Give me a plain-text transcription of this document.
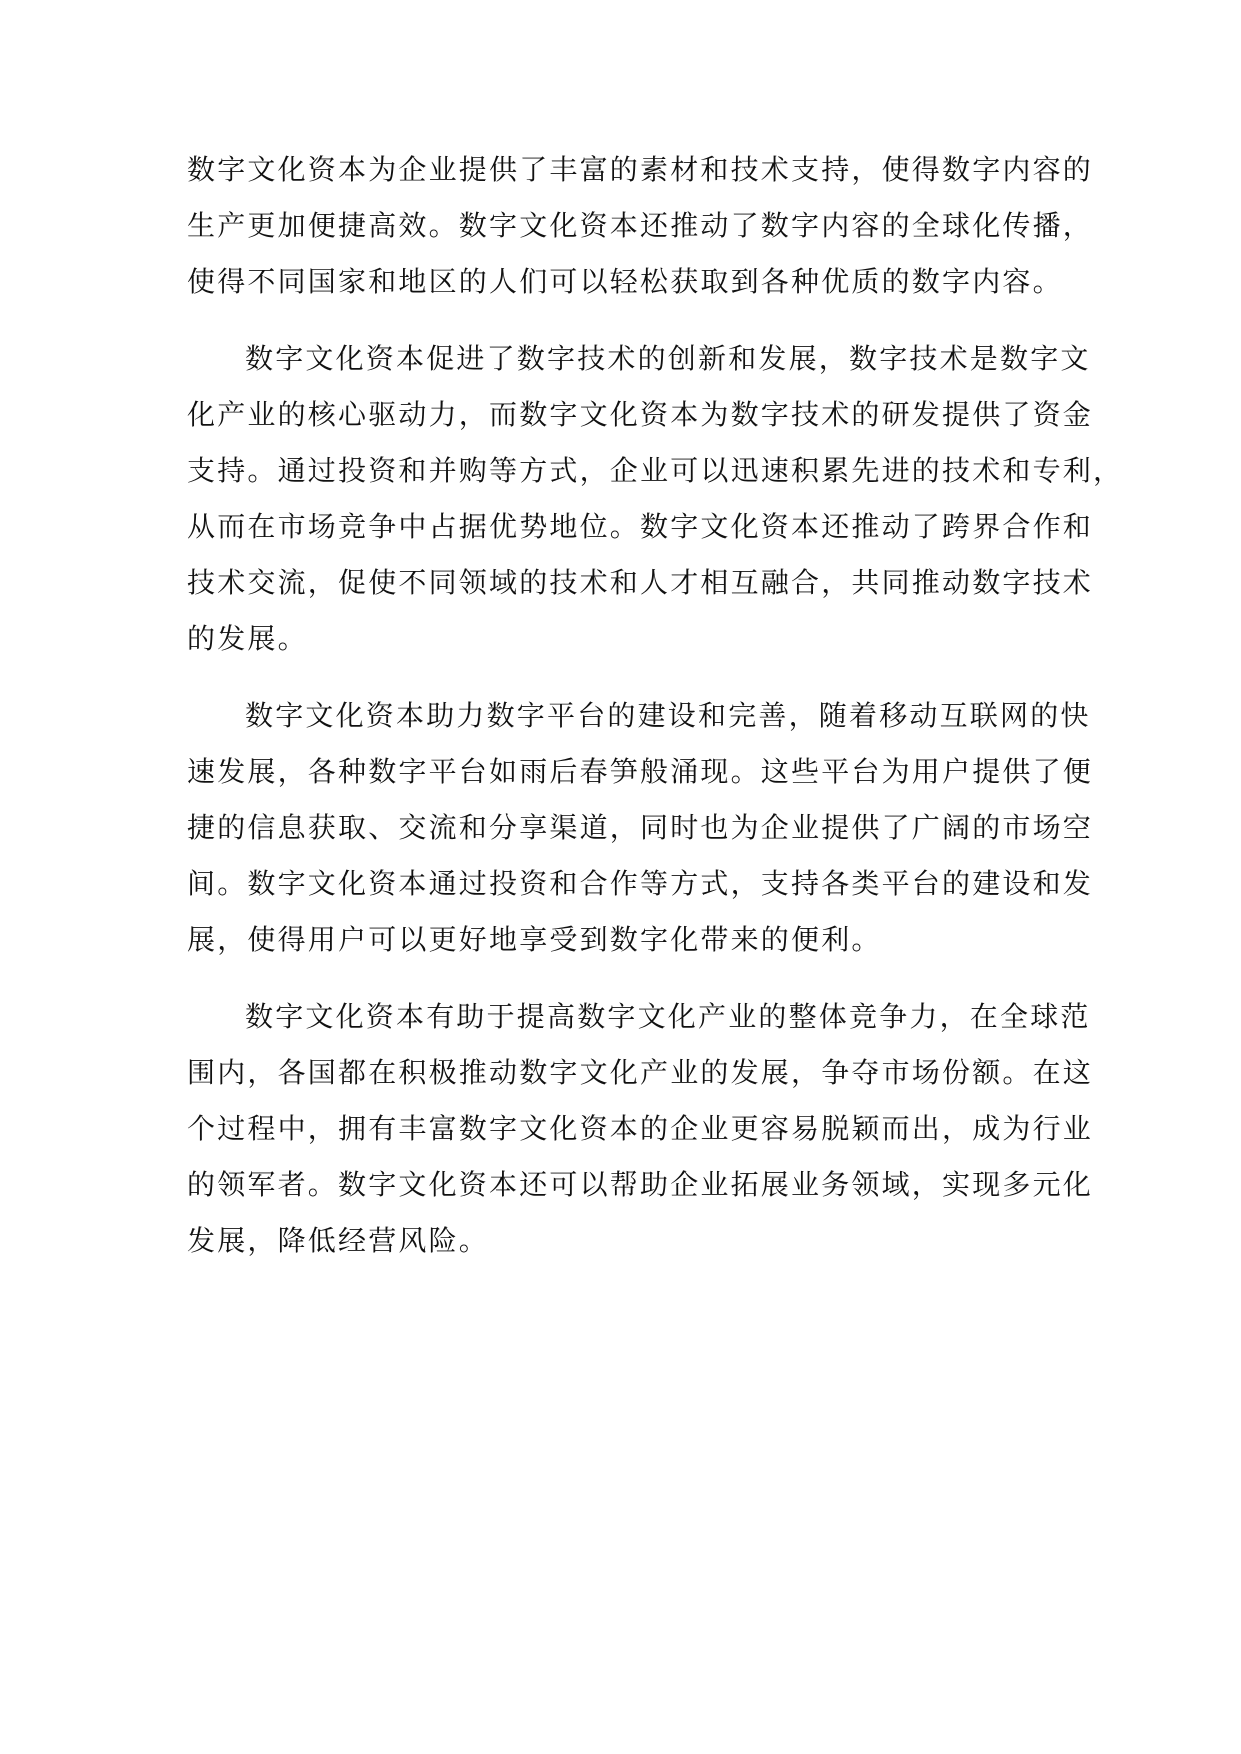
数字文化资本为企业提供了丰富的素材和技术支持，使得数字内容的
生产更加便捷高效。数字文化资本还推动了数字内容的全球化传播，
使得不同国家和地区的人们可以轻松获取到各种优质的数字内容。
数字文化资本促进了数字技术的创新和发展，数字技术是数字文
化产业的核心驱动力，而数字文化资本为数字技术的研发提供了资金
支持。通过投资和并购等方式，企业可以迅速积累先进的技术和专利，
从而在市场竞争中占据优势地位。数字文化资本还推动了跨界合作和
技术交流，促使不同领域的技术和人才相互融合，共同推动数字技术
的发展。
数字文化资本助力数字平台的建设和完善，随着移动互联网的快
速发展，各种数字平台如雨后春笋般涌现。这些平台为用户提供了便
捷的信息获取、交流和分享渠道，同时也为企业提供了广阔的市场空
间。数字文化资本通过投资和合作等方式，支持各类平台的建设和发
展，使得用户可以更好地享受到数字化带来的便利。
数字文化资本有助于提高数字文化产业的整体竞争力，在全球范
围内，各国都在积极推动数字文化产业的发展，争夺市场份额。在这
个过程中，拥有丰富数字文化资本的企业更容易脱颖而出，成为行业
的领军者。数字文化资本还可以帮助企业拓展业务领域，实现多元化
发展，降低经营风险。
